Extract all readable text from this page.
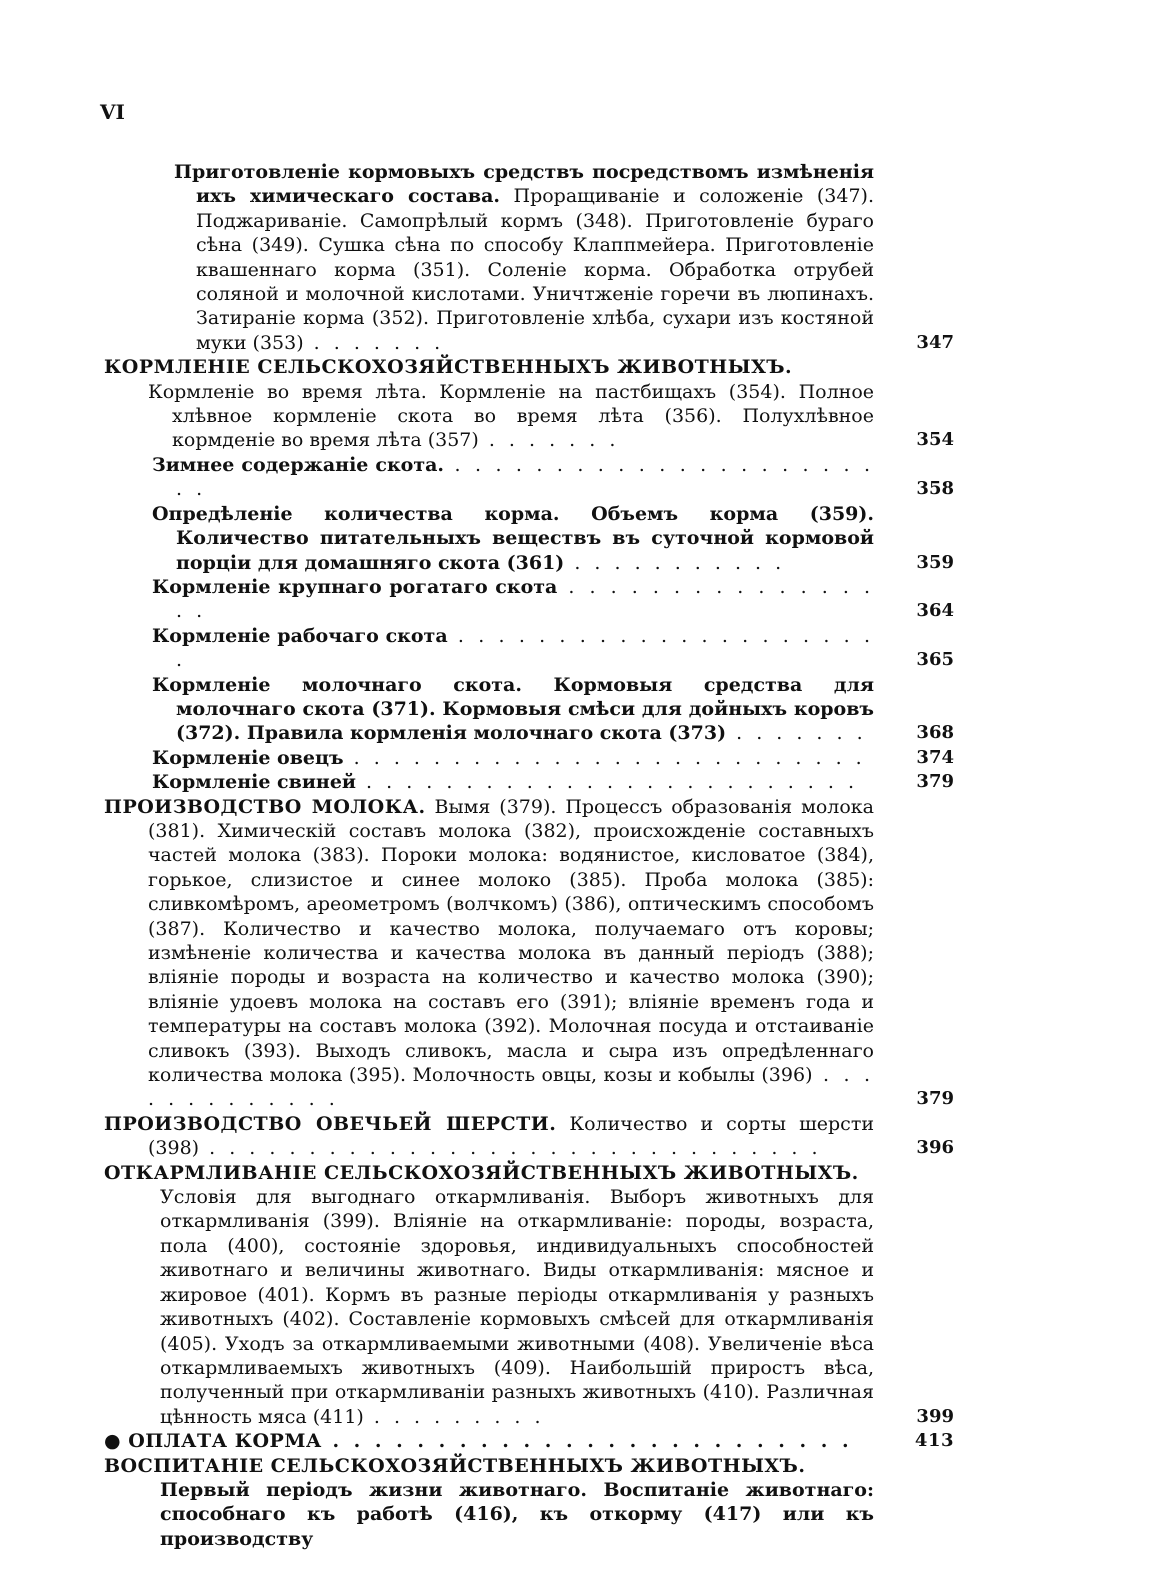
VI

Приготовленіе кормовыхъ средствъ посредствомъ измѣненія ихъ химическаго состава. Проращиваніе и соложеніе (347). Поджариваніе. Самопрѣлый кормъ (348). Приготовленіе бураго сѣна (349). Сушка сѣна по способу Клаппмейера. Приготовленіе квашеннаго корма (351). Соленіе корма. Обработка отрубей соляной и молочной кислотами. Уничтженіе горечи въ люпинахъ. Затираніе корма (352). Приготовленіе хлѣба, сухари изъ костяной муки (353) . . . . . . .	347

КОРМЛЕНІЕ СЕЛЬСКОХОЗЯЙСТВЕННЫХЪ ЖИВОТНЫХЪ.

Кормленіе во время лѣта. Кормленіе на пастбищахъ (354). Полное хлѣвное кормленіе скота во время лѣта (356). Полухлѣвное кормденіе во время лѣта (357) . . . . . . .	354

Зимнее содержаніе скота. . . . . . . . . . . . . . . . . . . . . . . .	358

Опредѣленіе количества корма. Объемъ корма (359). Количество питательныхъ веществъ въ суточной кормовой порціи для домашняго скота (361) . . . . . . . . . . .	359

Кормленіе крупнаго рогатаго скота . . . . . . . . . . . . . . . . .	364

Кормленіе рабочаго скота . . . . . . . . . . . . . . . . . . . . . .	365

Кормленіе молочнаго скота. Кормовыя средства для молочнаго скота (371). Кормовыя смѣси для дойныхъ коровъ (372). Правила кормленія молочнаго скота (373) . . . . . . .	368

Кормленіе овецъ . . . . . . . . . . . . . . . . . . . . . . . . . .	374

Кормленіе свиней . . . . . . . . . . . . . . . . . . . . . . . . .	379

ПРОИЗВОДСТВО МОЛОКА. Вымя (379). Процессъ образованія молока (381). Химическій составъ молока (382), происхожденіе составныхъ частей молока (383). Пороки молока: водянистое, кисловатое (384), горькое, слизистое и синее молоко (385). Проба молока (385): сливкомѣромъ, ареометромъ (волчкомъ) (386), оптическимъ способомъ (387). Количество и качество молока, получаемаго отъ коровы; измѣненіе количества и качества молока въ данный періодъ (388); вліяніе породы и возраста на количество и качество молока (390); вліяніе удоевъ молока на составъ его (391); вліяніе временъ года и температуры на составъ молока (392). Молочная посуда и отстаиваніе сливокъ (393). Выходъ сливокъ, масла и сыра изъ опредѣленнаго количества молока (395). Молочность овцы, козы и кобылы (396) . . . . . . . . . . . . .	379

ПРОИЗВОДСТВО ОВЕЧЬЕЙ ШЕРСТИ. Количество и сорты шерсти (398) . . . . . . . . . . . . . . . . . . . . . . . . . . . . . . .	396

ОТКАРМЛИВАНІЕ СЕЛЬСКОХОЗЯЙСТВЕННЫХЪ ЖИВОТНЫХЪ.

Условія для выгоднаго откармливанія. Выборъ животныхъ для откармливанія (399). Вліяніе на откармливаніе: породы, возраста, пола (400), состояніе здоровья, индивидуальныхъ способностей животнаго и величины животнаго. Виды откармливанія: мясное и жировое (401). Кормъ въ разные періоды откармливанія у разныхъ животныхъ (402). Составленіе кормовыхъ смѣсей для откармливанія (405). Уходъ за откармливаемыми животными (408). Увеличеніе вѣса откармливаемыхъ животныхъ (409). Наибольшій приростъ вѣса, полученный при откармливаніи разныхъ животныхъ (410). Различная цѣнность мяса (411) . . . . . . . . .	399

● ОПЛАТА КОРМА . . . . . . . . . . . . . . . . . . . . . . . . .	413

ВОСПИТАНІЕ СЕЛЬСКОХОЗЯЙСТВЕННЫХЪ ЖИВОТНЫХЪ.

Первый періодъ жизни животнаго. Воспитаніе животнаго: способнаго къ работѣ (416), къ откорму (417) или къ производству
